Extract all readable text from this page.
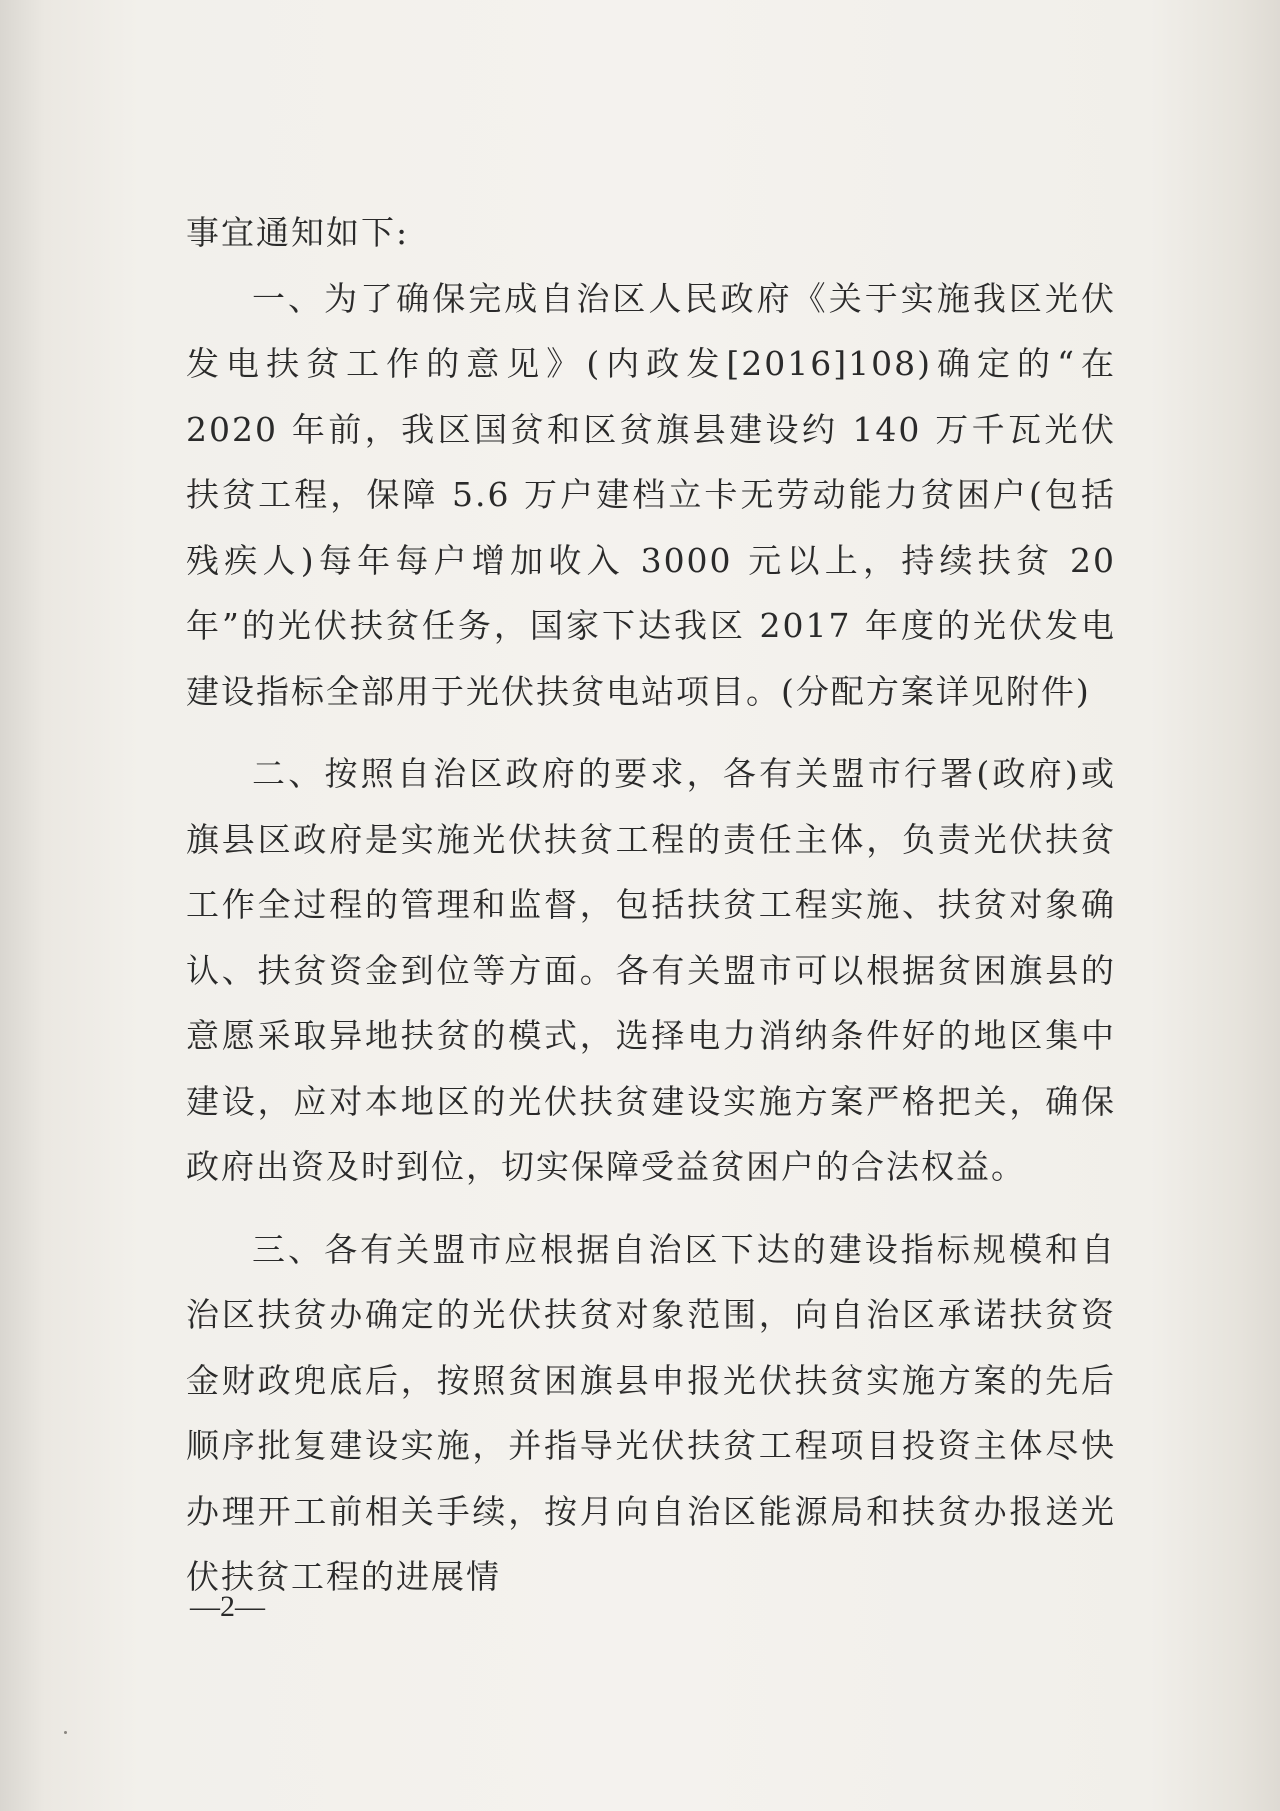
事宜通知如下:

一、为了确保完成自治区人民政府《关于实施我区光伏发电扶贫工作的意见》(内政发[2016]108)确定的“在 2020 年前，我区国贫和区贫旗县建设约 140 万千瓦光伏扶贫工程，保障 5.6 万户建档立卡无劳动能力贫困户(包括残疾人)每年每户增加收入 3000 元以上，持续扶贫 20 年”的光伏扶贫任务，国家下达我区 2017 年度的光伏发电建设指标全部用于光伏扶贫电站项目。(分配方案详见附件)

二、按照自治区政府的要求，各有关盟市行署(政府)或旗县区政府是实施光伏扶贫工程的责任主体，负责光伏扶贫工作全过程的管理和监督，包括扶贫工程实施、扶贫对象确认、扶贫资金到位等方面。各有关盟市可以根据贫困旗县的意愿采取异地扶贫的模式，选择电力消纳条件好的地区集中建设，应对本地区的光伏扶贫建设实施方案严格把关，确保政府出资及时到位，切实保障受益贫困户的合法权益。

三、各有关盟市应根据自治区下达的建设指标规模和自治区扶贫办确定的光伏扶贫对象范围，向自治区承诺扶贫资金财政兜底后，按照贫困旗县申报光伏扶贫实施方案的先后顺序批复建设实施，并指导光伏扶贫工程项目投资主体尽快办理开工前相关手续，按月向自治区能源局和扶贫办报送光伏扶贫工程的进展情

—2—
